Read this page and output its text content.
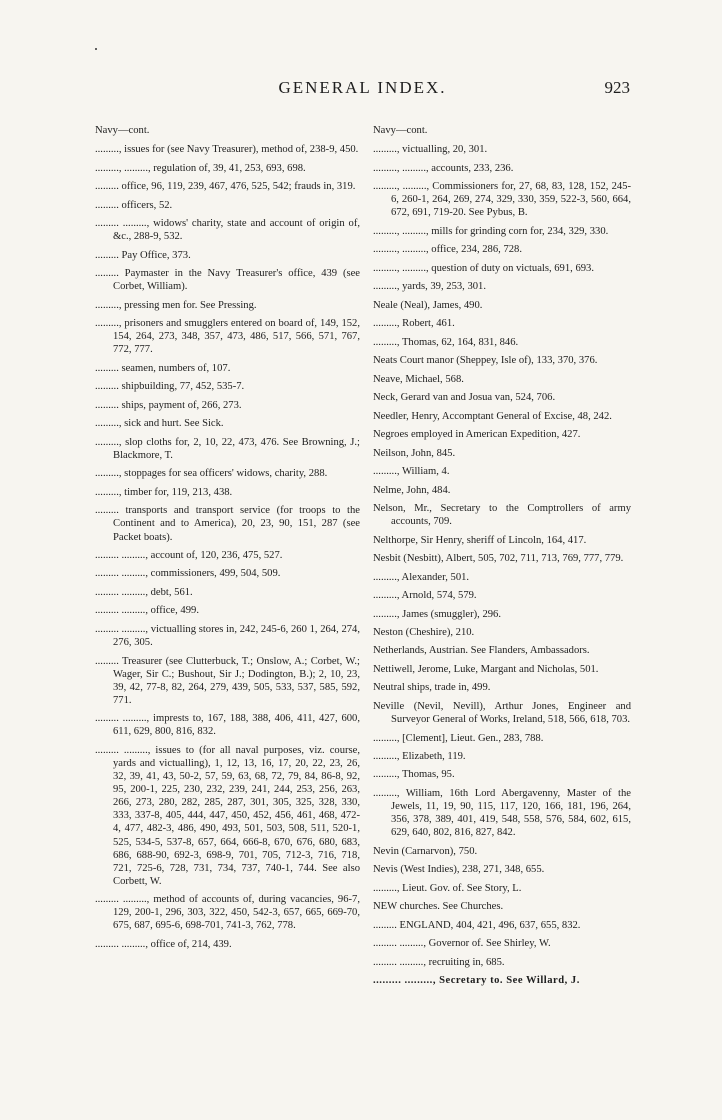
GENERAL INDEX.	923

Navy—cont.

........., issues for (see Navy Treasurer), method of, 238-9, 450.

........., ........., regulation of, 39, 41, 253, 693, 698.

......... office, 96, 119, 239, 467, 476, 525, 542; frauds in, 319.

......... officers, 52.

......... ........., widows' charity, state and account of origin of, &c., 288-9, 532.

......... Pay Office, 373.

......... Paymaster in the Navy Treasurer's office, 439 (see Corbet, William).

........., pressing men for. See Pressing.

........., prisoners and smugglers entered on board of, 149, 152, 154, 264, 273, 348, 357, 473, 486, 517, 566, 571, 767, 772, 777.

......... seamen, numbers of, 107.

......... shipbuilding, 77, 452, 535-7.

......... ships, payment of, 266, 273.

........., sick and hurt. See Sick.

........., slop cloths for, 2, 10, 22, 473, 476. See Browning, J.; Blackmore, T.

........., stoppages for sea officers' widows, charity, 288.

........., timber for, 119, 213, 438.

......... transports and transport service (for troops to the Continent and to America), 20, 23, 90, 151, 287 (see Packet boats).

......... ........., account of, 120, 236, 475, 527.

......... ........., commissioners, 499, 504, 509.

......... ........., debt, 561.

......... ........., office, 499.

......... ........., victualling stores in, 242, 245-6, 260 1, 264, 274, 276, 305.

......... Treasurer (see Clutterbuck, T.; Onslow, A.; Corbet, W.; Wager, Sir C.; Bushout, Sir J.; Dodington, B.); 2, 10, 23, 39, 42, 77-8, 82, 264, 279, 439, 505, 533, 537, 585, 592, 771.

......... ........., imprests to, 167, 188, 388, 406, 411, 427, 600, 611, 629, 800, 816, 832.

......... ........., issues to (for all naval purposes, viz. course, yards and victualling), 1, 12, 13, 16, 17, 20, 22, 23, 26, 32, 39, 41, 43, 50-2, 57, 59, 63, 68, 72, 79, 84, 86-8, 92, 95, 200-1, 225, 230, 232, 239, 241, 244, 253, 256, 263, 266, 273, 280, 282, 285, 287, 301, 305, 325, 328, 330, 333, 337-8, 405, 444, 447, 450, 452, 456, 461, 468, 472-4, 477, 482-3, 486, 490, 493, 501, 503, 508, 511, 520-1, 525, 534-5, 537-8, 657, 664, 666-8, 670, 676, 680, 683, 686, 688-90, 692-3, 698-9, 701, 705, 712-3, 716, 718, 721, 725-6, 728, 731, 734, 737, 740-1, 744. See also Corbett, W.

......... ........., method of accounts of, during vacancies, 96-7, 129, 200-1, 296, 303, 322, 450, 542-3, 657, 665, 669-70, 675, 687, 695-6, 698-701, 741-3, 762, 778.

......... ........., office of, 214, 439.

Navy—cont.

........., victualling, 20, 301.

........., ........., accounts, 233, 236.

........., ........., Commissioners for, 27, 68, 83, 128, 152, 245-6, 260-1, 264, 269, 274, 329, 330, 359, 522-3, 560, 664, 672, 691, 719-20. See Pybus, B.

........., ........., mills for grinding corn for, 234, 329, 330.

........., ........., office, 234, 286, 728.

........., ........., question of duty on victuals, 691, 693.

........., yards, 39, 253, 301.

Neale (Neal), James, 490.

........., Robert, 461.

........., Thomas, 62, 164, 831, 846.

Neats Court manor (Sheppey, Isle of), 133, 370, 376.

Neave, Michael, 568.

Neck, Gerard van and Josua van, 524, 706.

Needler, Henry, Accomptant General of Excise, 48, 242.

Negroes employed in American Expedition, 427.

Neilson, John, 845.

........., William, 4.

Nelme, John, 484.

Nelson, Mr., Secretary to the Comptrollers of army accounts, 709.

Nelthorpe, Sir Henry, sheriff of Lincoln, 164, 417.

Nesbit (Nesbitt), Albert, 505, 702, 711, 713, 769, 777, 779.

........., Alexander, 501.

........., Arnold, 574, 579.

........., James (smuggler), 296.

Neston (Cheshire), 210.

Netherlands, Austrian. See Flanders, Ambassadors.

Nettiwell, Jerome, Luke, Margant and Nicholas, 501.

Neutral ships, trade in, 499.

Neville (Nevil, Nevill), Arthur Jones, Engineer and Surveyor General of Works, Ireland, 518, 566, 618, 703.

........., [Clement], Lieut. Gen., 283, 788.

........., Elizabeth, 119.

........., Thomas, 95.

........., William, 16th Lord Abergavenny, Master of the Jewels, 11, 19, 90, 115, 117, 120, 166, 181, 196, 264, 356, 378, 389, 401, 419, 548, 558, 576, 584, 602, 615, 629, 640, 802, 816, 827, 842.

Nevin (Carnarvon), 750.

Nevis (West Indies), 238, 271, 348, 655.

........., Lieut. Gov. of. See Story, L.

NEW churches. See Churches.

......... ENGLAND, 404, 421, 496, 637, 655, 832.

......... ........., Governor of. See Shirley, W.

......... ........., recruiting in, 685.

......... ........., Secretary to. See Willard, J.
